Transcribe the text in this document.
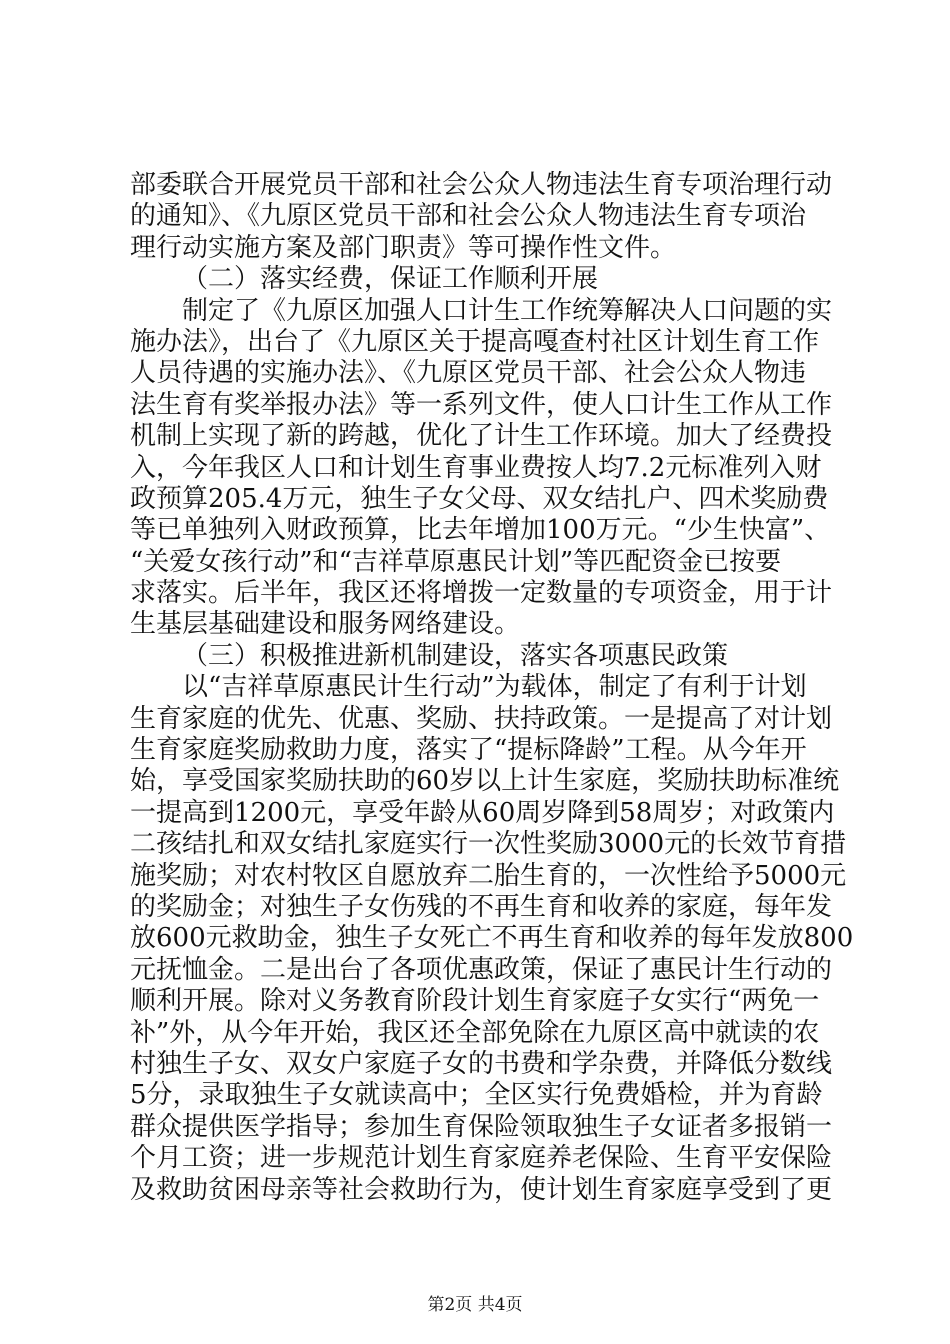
部委联合开展党员干部和社会公众人物违法生育专项治理行动
的通知》、《九原区党员干部和社会公众人物违法生育专项治
理行动实施方案及部门职责》等可操作性文件。
（二）落实经费，保证工作顺利开展
制定了《九原区加强人口计生工作统筹解决人口问题的实
施办法》，出台了《九原区关于提高嘎查村社区计划生育工作
人员待遇的实施办法》、《九原区党员干部、社会公众人物违
法生育有奖举报办法》等一系列文件，使人口计生工作从工作
机制上实现了新的跨越，优化了计生工作环境。加大了经费投
入，今年我区人口和计划生育事业费按人均7.2元标准列入财
政预算205.4万元，独生子女父母、双女结扎户、四术奖励费
等已单独列入财政预算，比去年增加100万元。“少生快富”、
“关爱女孩行动”和“吉祥草原惠民计划”等匹配资金已按要
求落实。后半年，我区还将增拨一定数量的专项资金，用于计
生基层基础建设和服务网络建设。
（三）积极推进新机制建设，落实各项惠民政策
以“吉祥草原惠民计生行动”为载体，制定了有利于计划
生育家庭的优先、优惠、奖励、扶持政策。一是提高了对计划
生育家庭奖励救助力度，落实了“提标降龄”工程。从今年开
始，享受国家奖励扶助的60岁以上计生家庭，奖励扶助标准统
一提高到1200元，享受年龄从60周岁降到58周岁；对政策内
二孩结扎和双女结扎家庭实行一次性奖励3000元的长效节育措
施奖励；对农村牧区自愿放弃二胎生育的，一次性给予5000元
的奖励金；对独生子女伤残的不再生育和收养的家庭，每年发
放600元救助金，独生子女死亡不再生育和收养的每年发放800
元抚恤金。二是出台了各项优惠政策，保证了惠民计生行动的
顺利开展。除对义务教育阶段计划生育家庭子女实行“两免一
补”外，从今年开始，我区还全部免除在九原区高中就读的农
村独生子女、双女户家庭子女的书费和学杂费，并降低分数线
5分，录取独生子女就读高中；全区实行免费婚检，并为育龄
群众提供医学指导；参加生育保险领取独生子女证者多报销一
个月工资；进一步规范计划生育家庭养老保险、生育平安保险
及救助贫困母亲等社会救助行为，使计划生育家庭享受到了更
第2页 共4页
